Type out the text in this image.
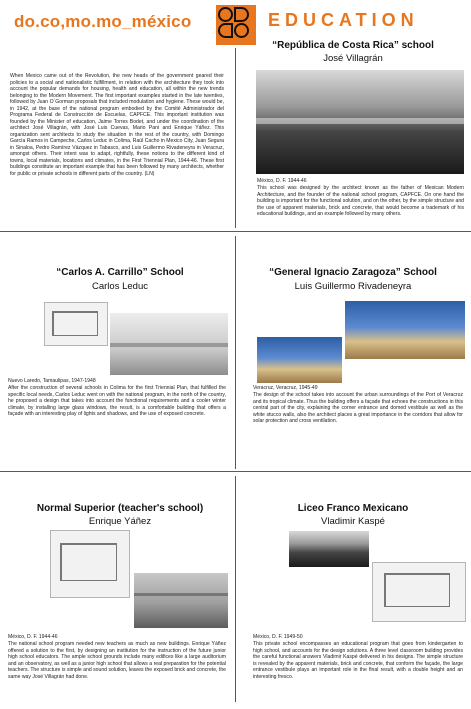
do.co,mo.mo_méxico	EDUCATION

When Mexico came out of the Revolution, the new heads of the government geared their policies to a social and nationalistic fulfillment, in relation with the architecture they took into account the popular demands for housing, health and education, all within the new trends belonging to the Modern Movement. The first important examples started in the late twenties, followed by Juan O´Gorman proposals that included modulation and hygiene. These would be, in 1942, at the base of the national program embodied by the Comité Administrador del Programa Federal de Construcción de Escuelas, CAPFCE. This important institution was founded by the Minister of education, Jaime Torres Bodet, and under the coordination of the architect José Villagrán, with José Luis Cuevas, Mario Pani and Enrique Yáñez. This organization sent architects to study the situation in the rest of the country, with Domingo García Ramos in Campeche, Carlos Leduc in Colima, Raúl Cacho in Mexico City, Juan Segura in Sinaloa, Pedro Ramírez Vázquez in Tabasco, and Luis Guillermo Rivadeneyra in Veracruz, amongst others. Their intent was to adapt, rightfully, these notions to the different kind of towns, local materials, locations and climates, in the First Triennial Plan, 1944-46. These first buildings constitute an important example that has been followed by many architects, whether for public or private schools in different parts of the country. (LN)

“República de Costa Rica” school
José Villagrán
México, D. F. 1944-46

This school was designed by the architect known as the father of Mexican Modern Architecture, and the founder of the national school program, CAPFCE. On one hand the building is important for the functional solution, and on the other, by the simple structure and the use of apparent materials, brick and concrete, that would become a trademark of his educational buildings, and an example followed by many others.

“Carlos A. Carrillo” School
Carlos Leduc
Nuevo Laredo, Tamaulipas, 1947-1948

After the construction of several schools in Colima for the first Triennial Plan, that fulfilled the specific local needs, Carlos Leduc went on with the national program, in the north of the country, he proposed a design that takes into account the functional requirements and a cooler winter climate, by installing large glass windows, the result, is a comfortable building that offers a façade with an interesting play of lights and shadows, and the use of exposed concrete.

“General Ignacio Zaragoza” School
Luis Guillermo Rivadeneyra
Veracruz, Veracruz, 1945-49

The design of the school takes into account the urban surroundings of the Port of Veracruz and its tropical climate. Thus the building offers a façade that echoes the constructions in this central part of the city, explaining the corner entrance and domed vestibule as well as the white stucco walls, also the architect places a great importance in the corridors that allow for solar protection and cross ventilation.

Normal Superior (teacher's school)
Enrique Yáñez
México, D. F. 1944-46

The national school program needed new teachers as much as new buildings. Enrique Yáñez offered a solution to the first, by designing an institution for the instruction of the future junior high school educators. The ample school grounds include many edifices like a large auditorium and an observatory, as well as a junior high school that allows a real preparation for the potential teachers. The structure is simple and sound solution, leaves the exposed brick and concrete, the same way José Villagrán had done.

Liceo Franco Mexicano
Vladimir Kaspé
México, D. F. 1949-50

This private school encompasses an educational program that goes from kindergarten to high school, and accounts for the design solutions. A three level classroom building provides the careful functional answers Vladimir Kaspé delivered in his designs. The simple structure is revealed by the apparent materials, brick and concrete, that conform the façade, the large entrance vestibule plays an important role in the final result, with a double height and an interesting fresco.
